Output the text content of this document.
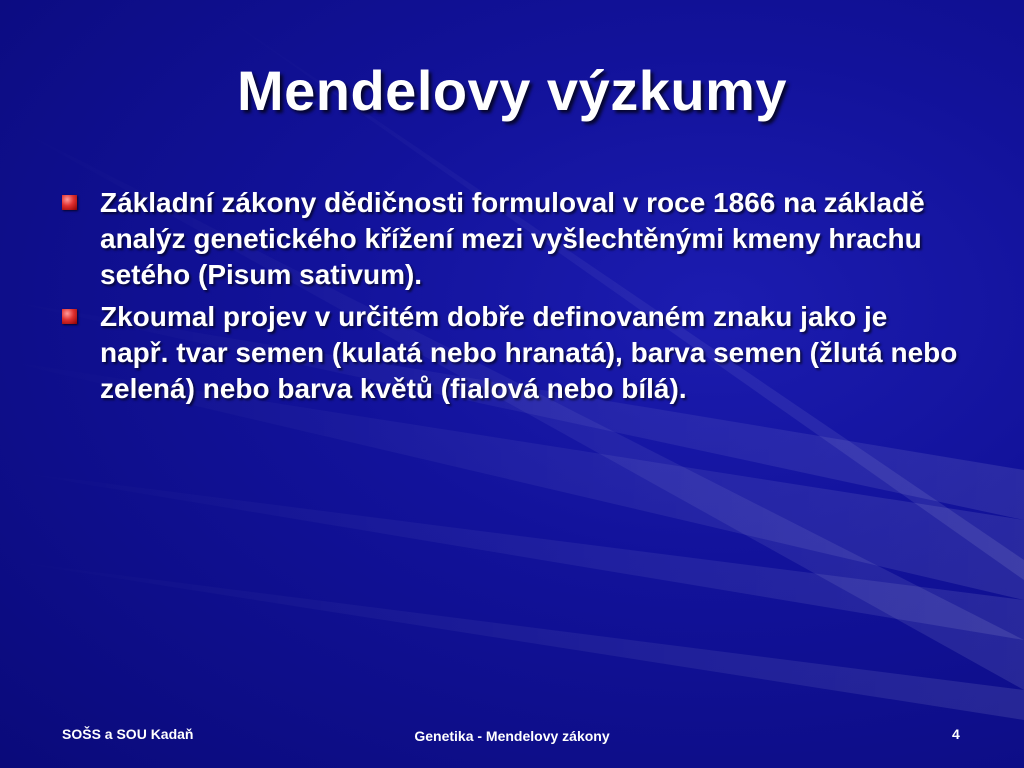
Mendelovy výzkumy
Základní zákony dědičnosti formuloval v roce 1866 na základě analýz genetického křížení mezi vyšlechtěnými kmeny hrachu setého (Pisum sativum).
Zkoumal projev v určitém dobře definovaném znaku jako je např. tvar semen (kulatá nebo hranatá), barva semen (žlutá nebo zelená) nebo barva květů (fialová nebo bílá).
SOŠS a SOU Kadaň	Genetika - Mendelovy zákony	4
